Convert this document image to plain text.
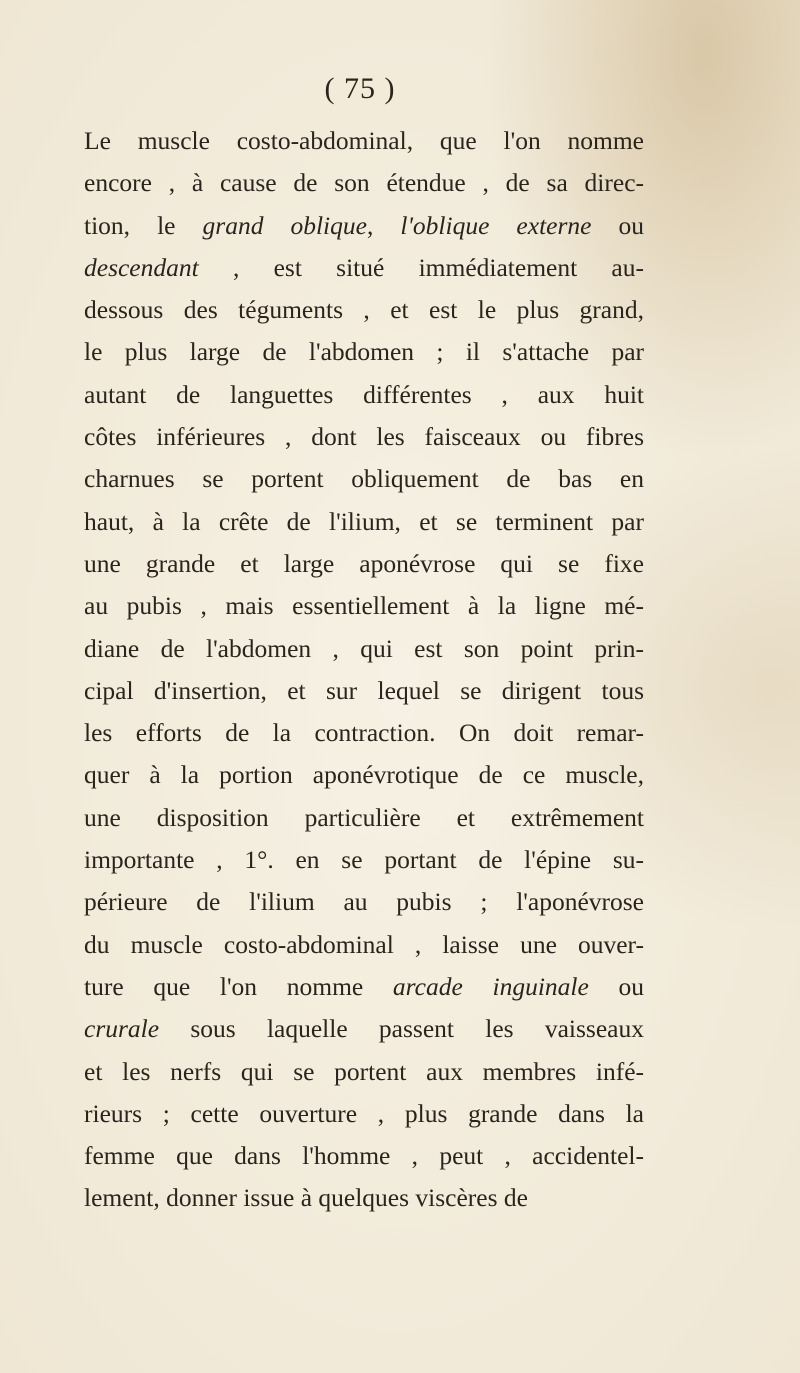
( 75 )
Le muscle costo-abdominal, que l'on nomme
encore , à cause de son étendue , de sa direc-
tion, le grand oblique, l'oblique externe ou
descendant , est situé immédiatement au-
dessous des téguments , et est le plus grand,
le plus large de l'abdomen ; il s'attache par
autant de languettes différentes , aux huit
côtes inférieures , dont les faisceaux ou fibres
charnues se portent obliquement de bas en
haut, à la crête de l'ilium, et se terminent par
une grande et large aponévrose qui se fixe
au pubis , mais essentiellement à la ligne mé-
diane de l'abdomen , qui est son point prin-
cipal d'insertion, et sur lequel se dirigent tous
les efforts de la contraction. On doit remar-
quer à la portion aponévrotique de ce muscle,
une disposition particulière et extrêmement
importante , 1°. en se portant de l'épine su-
périeure de l'ilium au pubis ; l'aponévrose
du muscle costo-abdominal , laisse une ouver-
ture que l'on nomme arcade inguinale ou
crurale sous laquelle passent les vaisseaux
et les nerfs qui se portent aux membres infé-
rieurs ; cette ouverture , plus grande dans la
femme que dans l'homme , peut , accidentel-
lement, donner issue à quelques viscères de
